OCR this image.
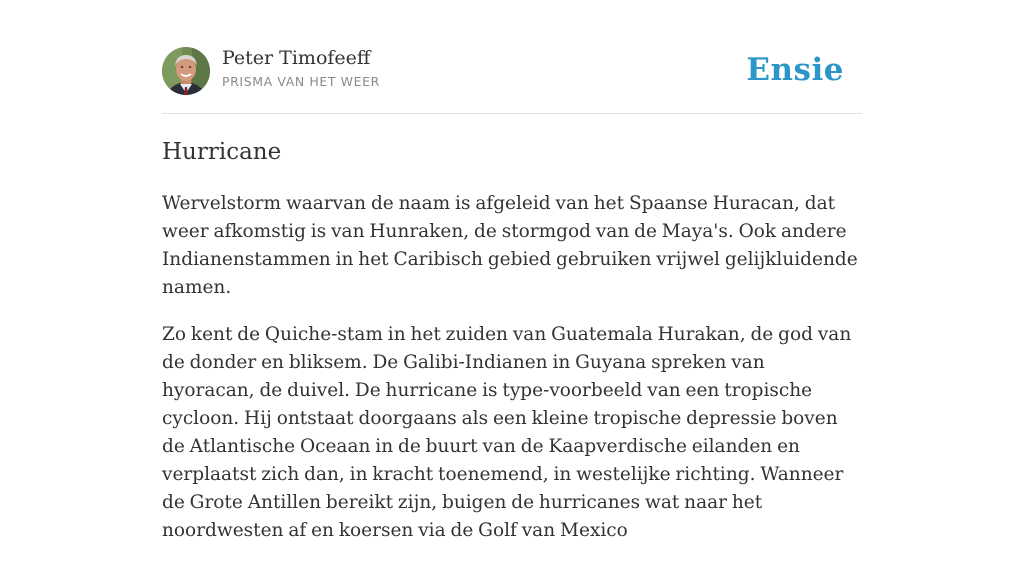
Peter Timofeeff
PRISMA VAN HET WEER	Ensie
Hurricane

Wervelstorm waarvan de naam is afgeleid van het Spaanse Huracan, dat weer afkomstig is van Hunraken, de stormgod van de Maya's. Ook andere Indianenstammen in het Caribisch gebied gebruiken vrijwel gelijkluidende namen.

Zo kent de Quiche-stam in het zuiden van Guatemala Hurakan, de god van de donder en bliksem. De Galibi-Indianen in Guyana spreken van hyoracan, de duivel. De hurricane is type-voorbeeld van een tropische cycloon. Hij ontstaat doorgaans als een kleine tropische depressie boven de Atlantische Oceaan in de buurt van de Kaapverdische eilanden en verplaatst zich dan, in kracht toenemend, in westelijke richting. Wanneer de Grote Antillen bereikt zijn, buigen de hurricanes wat naar het noordwesten af en koersen via de Golf van Mexico
